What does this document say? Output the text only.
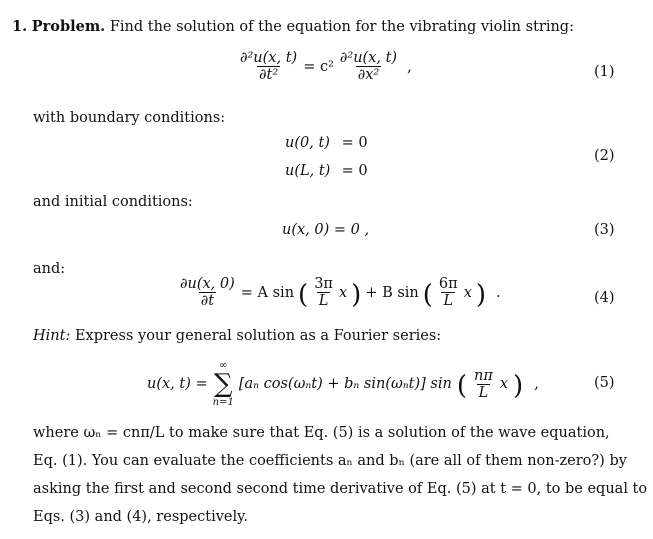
1. Problem. Find the solution of the equation for the vibrating violin string:
$\frac{\text{∂²u(x, t)}}{\text{∂t²}} = c^2 \frac{\text{∂²u(x, t)}}{\text{∂x²}}$ ,	(1)
with boundary conditions:
u(0, t) = 0
u(L, t) = 0
(2)
and initial conditions:
u(x, 0) = 0 ,	(3)
and:
$\frac{\partial u(x, 0)}{\partial t} = A$ sin ( $\frac{3\pi}{L}$ x ) + B sin ( $\frac{6\pi}{L}$ x ) .	(4)
Hint: Express your general solution as a Fourier series:
u(x, t) =
∞
∑
n=1
[aₙ cos(ωₙt) + bₙ sin(ωₙt)] sin ( $\frac{n\pi}{L}$ x ) ,	(5)
where ωₙ = cnπ/L to make sure that Eq. (5) is a solution of the wave equation,
Eq. (1). You can evaluate the coefficients aₙ and bₙ (are all of them non-zero?) by
asking the first and second second time derivative of Eq. (5) at t = 0, to be equal to
Eqs. (3) and (4), respectively.
